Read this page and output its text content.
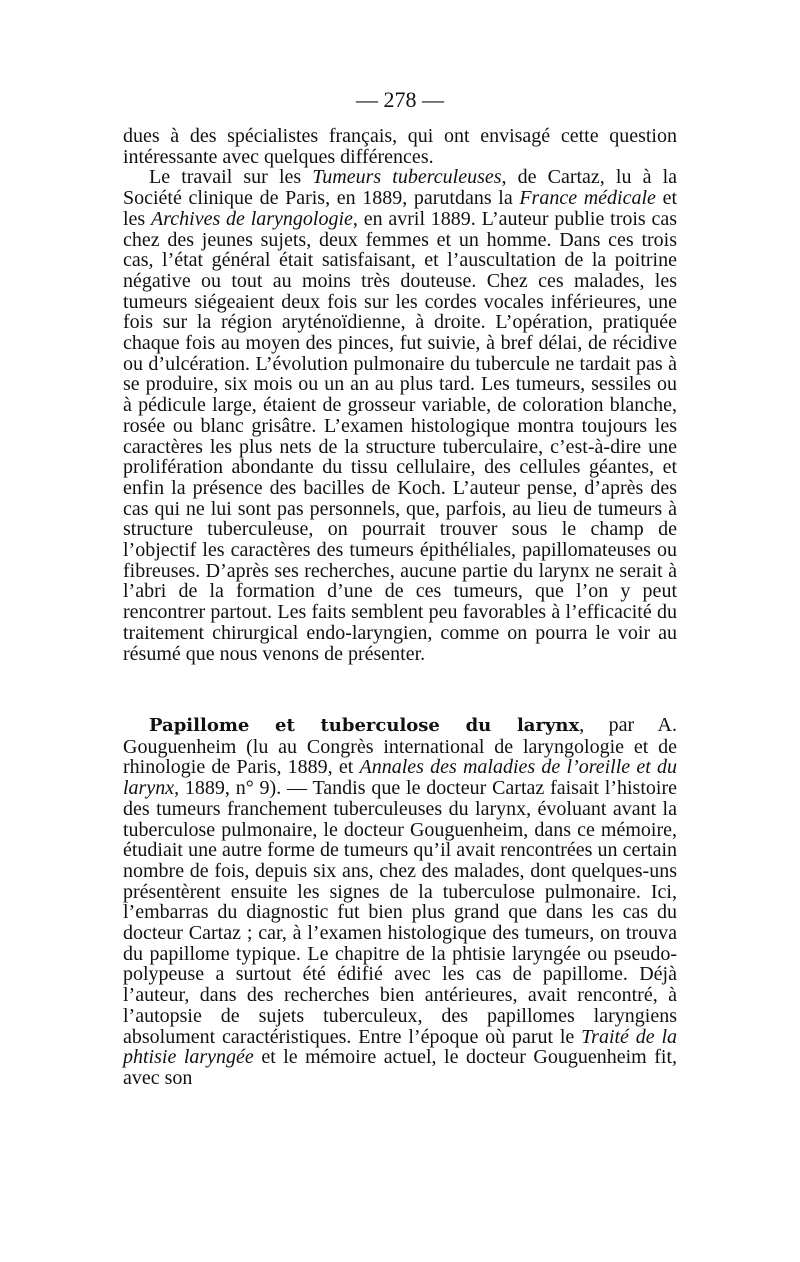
— 278 —

dues à des spécialistes français, qui ont envisagé cette question intéressante avec quelques différences.

Le travail sur les Tumeurs tuberculeuses, de Cartaz, lu à la Société clinique de Paris, en 1889, parutdans la France médicale et les Archives de laryngologie, en avril 1889. L’auteur publie trois cas chez des jeunes sujets, deux femmes et un homme. Dans ces trois cas, l’état général était satisfaisant, et l’auscultation de la poitrine négative ou tout au moins très douteuse. Chez ces malades, les tumeurs siégeaient deux fois sur les cordes vocales inférieures, une fois sur la région aryténoïdienne, à droite. L’opération, pratiquée chaque fois au moyen des pinces, fut suivie, à bref délai, de récidive ou d’ulcération. L’évolution pulmonaire du tubercule ne tardait pas à se produire, six mois ou un an au plus tard. Les tumeurs, sessiles ou à pédicule large, étaient de grosseur variable, de coloration blanche, rosée ou blanc grisâtre. L’examen histologique montra toujours les caractères les plus nets de la structure tuberculaire, c’est-à-dire une prolifération abondante du tissu cellulaire, des cellules géantes, et enfin la présence des bacilles de Koch. L’auteur pense, d’après des cas qui ne lui sont pas personnels, que, parfois, au lieu de tumeurs à structure tuberculeuse, on pourrait trouver sous le champ de l’objectif les caractères des tumeurs épithéliales, papillomateuses ou fibreuses. D’après ses recherches, aucune partie du larynx ne serait à l’abri de la formation d’une de ces tumeurs, que l’on y peut rencontrer partout. Les faits semblent peu favorables à l’efficacité du traitement chirurgical endo-laryngien, comme on pourra le voir au résumé que nous venons de présenter.

Papillome et tuberculose du larynx, par A. Gouguenheim (lu au Congrès international de laryngologie et de rhinologie de Paris, 1889, et Annales des maladies de l’oreille et du larynx, 1889, n° 9). — Tandis que le docteur Cartaz faisait l’histoire des tumeurs franchement tuberculeuses du larynx, évoluant avant la tuberculose pulmonaire, le docteur Gouguenheim, dans ce mémoire, étudiait une autre forme de tumeurs qu’il avait rencontrées un certain nombre de fois, depuis six ans, chez des malades, dont quelques-uns présentèrent ensuite les signes de la tuberculose pulmonaire. Ici, l’embarras du diagnostic fut bien plus grand que dans les cas du docteur Cartaz ; car, à l’examen histologique des tumeurs, on trouva du papillome typique. Le chapitre de la phtisie laryngée ou pseudo-polypeuse a surtout été édifié avec les cas de papillome. Déjà l’auteur, dans des recherches bien antérieures, avait rencontré, à l’autopsie de sujets tuberculeux, des papillomes laryngiens absolument caractéristiques. Entre l’époque où parut le Traité de la phtisie laryngée et le mémoire actuel, le docteur Gouguenheim fit, avec son
